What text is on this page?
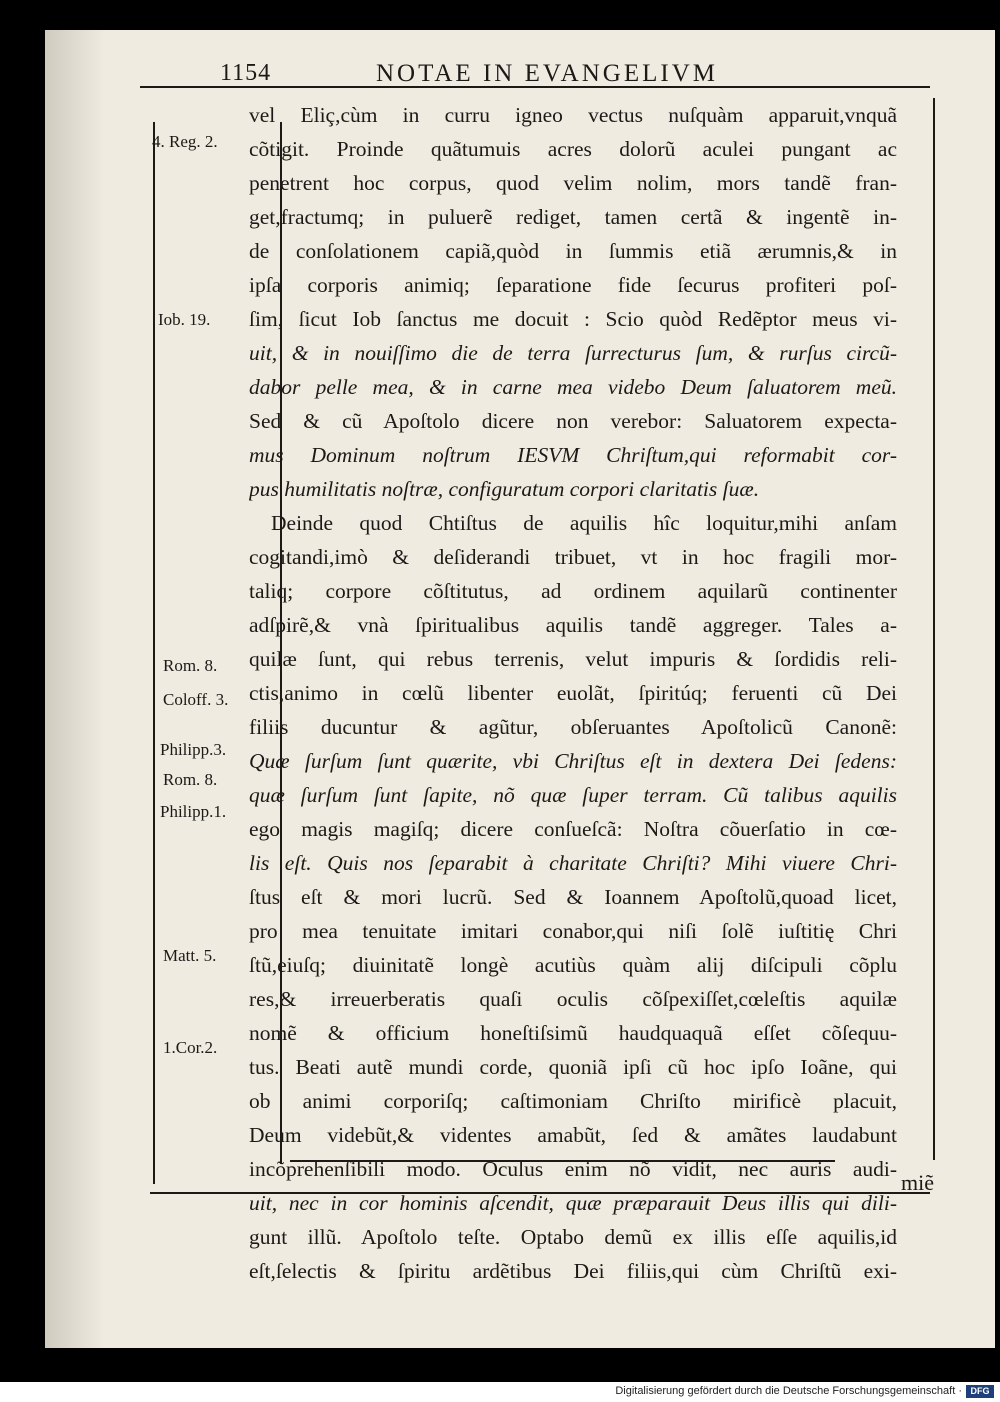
1154	NOTAE IN EVANGELIVM
4. Reg. 2.
Iob. 19.
Rom. 8.
Coloff. 3.
Philipp.3.
Rom. 8.
Philipp.1.
Matt. 5.
1.Cor.2.
vel Eliç,cùm in curru igneo vectus nuſquàm apparuit,vnquã
cõtigit. Proinde quãtumuis acres dolorũ aculei pungant ac
penetrent hoc corpus, quod velim nolim, mors tandẽ fran-
get,fractumq; in puluerẽ rediget, tamen certã & ingentẽ in-
de conſolationem capiã,quòd in ſummis etiã ærumnis,& in
ipſa corporis animiq; ſeparatione fide ſecurus profiteri poſ-
ſim, ſicut Iob ſanctus me docuit : Scio quòd Redẽptor meus vi-
uit, & in nouiſſimo die de terra ſurrecturus ſum, & rurſus circũ-
dabor pelle mea, & in carne mea videbo Deum ſaluatorem meũ.
Sed & cũ Apoſtolo dicere non verebor: Saluatorem expecta-
mus Dominum noſtrum IESVM Chriſtum,qui reformabit cor-
pus humilitatis noſtræ, configuratum corpori claritatis ſuæ.
Deinde quod Chtiſtus de aquilis hîc loquitur,mihi anſam
cogitandi,imò & deſiderandi tribuet, vt in hoc fragili mor-
taliq; corpore cõſtitutus, ad ordinem aquilarũ continenter
adſpirẽ,& vnà ſpiritualibus aquilis tandẽ aggreger. Tales a-
quilæ ſunt, qui rebus terrenis, velut impuris & ſordidis reli-
ctis,animo in cœlũ libenter euolãt, ſpiritúq; feruenti cũ Dei
filiis ducuntur & agũtur, obſeruantes Apoſtolicũ Canonẽ:
Quæ ſurſum ſunt quærite, vbi Chriſtus eſt in dextera Dei ſedens:
quæ ſurſum ſunt ſapite, nõ quæ ſuper terram. Cũ talibus aquilis
ego magis magiſq; dicere conſueſcã: Noſtra cõuerſatio in cœ-
lis eſt. Quis nos ſeparabit à charitate Chriſti? Mihi viuere Chri-
ſtus eſt & mori lucrũ. Sed & Ioannem Apoſtolũ,quoad licet,
pro mea tenuitate imitari conabor,qui niſi ſolẽ iuſtitię Chri
ſtũ,eiuſq; diuinitatẽ longè acutiùs quàm alij diſcipuli cõplu
res,& irreuerberatis quaſi oculis cõſpexiſſet,cœleſtis aquilæ
nomẽ & officium honeſtiſsimũ haudquaquã eſſet cõſequu-
tus. Beati autẽ mundi corde, quoniã ipſi cũ hoc ipſo Ioãne, qui
ob animi corporiſq; caſtimoniam Chriſto mirificè placuit,
Deum videbũt,& videntes amabũt, ſed & amãtes laudabunt
incõprehenſibili modo. Oculus enim nõ vidit, nec auris audi-
uit, nec in cor hominis aſcendit, quæ præparauit Deus illis qui dili-
gunt illũ. Apoſtolo teſte. Optabo demũ ex illis eſſe aquilis,id
eſt,ſelectis & ſpiritu ardẽtibus Dei filiis,qui cùm Chriſtũ exi-
miẽ
Digitalisierung gefördert durch die Deutsche Forschungsgemeinschaft · DFG
